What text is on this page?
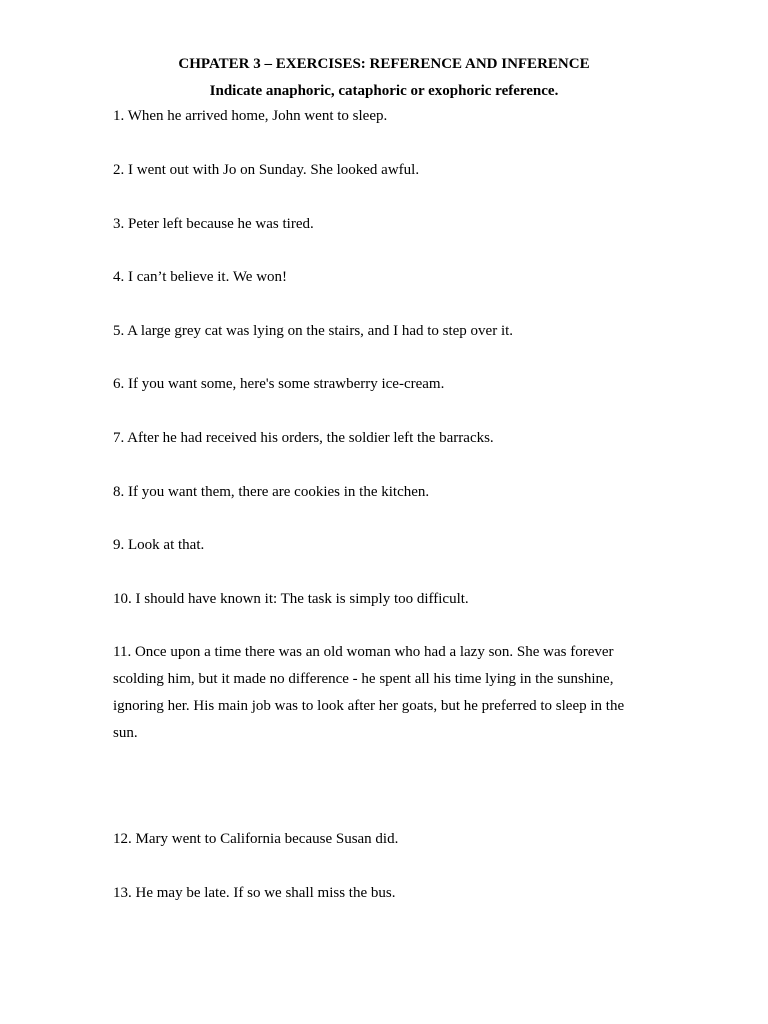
CHPATER 3 – EXERCISES: REFERENCE AND INFERENCE

Indicate anaphoric, cataphoric or exophoric reference.

1. When he arrived home, John went to sleep.

2. I went out with Jo on Sunday. She looked awful.

3. Peter left because he was tired.

4. I can’t believe it. We won!

5. A large grey cat was lying on the stairs, and I had to step over it.

6. If you want some, here's some strawberry ice-cream.

7. After he had received his orders, the soldier left the barracks.

8. If you want them, there are cookies in the kitchen.

9. Look at that.

10. I should have known it: The task is simply too difficult.

11. Once upon a time there was an old woman who had a lazy son. She was forever scolding him, but it made no difference - he spent all his time lying in the sunshine, ignoring her. His main job was to look after her goats, but he preferred to sleep in the sun.

12. Mary went to California because Susan did.

13. He may be late. If so we shall miss the bus.
